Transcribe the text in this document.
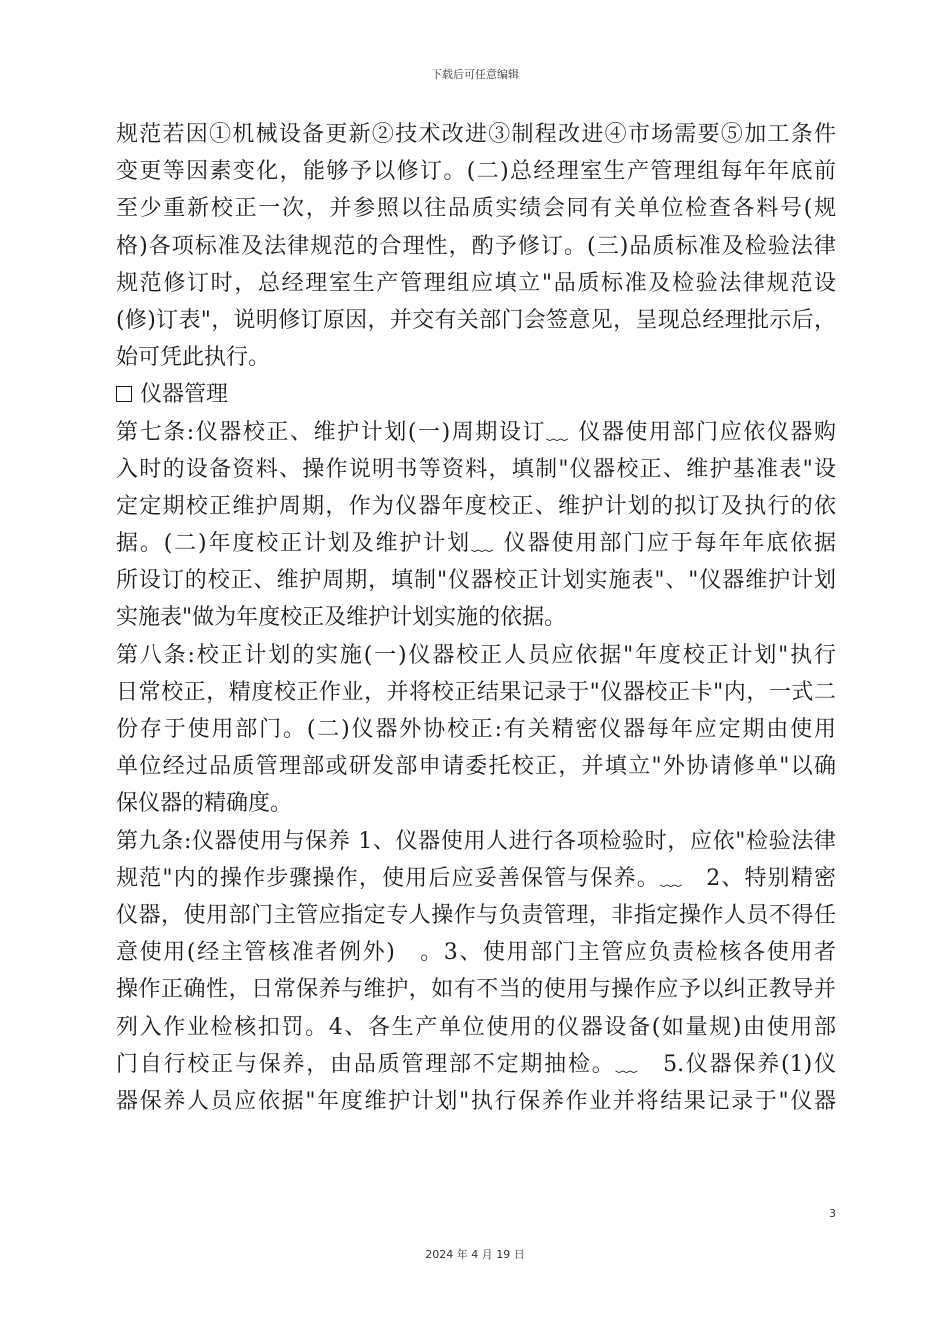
下载后可任意编辑
规范若因①机械设备更新②技术改进③制程改进④市场需要⑤加工条件
变更等因素变化，能够予以修订。(二)总经理室生产管理组每年年底前
至少重新校正一次，并参照以往品质实绩会同有关单位检查各料号(规
格)各项标准及法律规范的合理性，酌予修订。(三)品质标准及检验法律
规范修订时，总经理室生产管理组应填立"品质标准及检验法律规范设
(修)订表"，说明修订原因，并交有关部门会签意见，呈现总经理批示后，
始可凭此执行。
仪器管理
第七条:仪器校正、维护计划(一)周期设订﹏ 仪器使用部门应依仪器购
入时的设备资料、操作说明书等资料，填制"仪器校正、维护基准表"设
定定期校正维护周期，作为仪器年度校正、维护计划的拟订及执行的依
据。(二)年度校正计划及维护计划﹏ 仪器使用部门应于每年年底依据
所设订的校正、维护周期，填制"仪器校正计划实施表"、"仪器维护计划
实施表"做为年度校正及维护计划实施的依据。
第八条:校正计划的实施(一)仪器校正人员应依据"年度校正计划"执行
日常校正，精度校正作业，并将校正结果记录于"仪器校正卡"内，一式二
份存于使用部门。(二)仪器外协校正:有关精密仪器每年应定期由使用
单位经过品质管理部或研发部申请委托校正，并填立"外协请修单"以确
保仪器的精确度。
第九条:仪器使用与保养 1、仪器使用人进行各项检验时，应依"检验法律
规范"内的操作步骤操作，使用后应妥善保管与保养。﹏　2、特别精密
仪器，使用部门主管应指定专人操作与负责管理，非指定操作人员不得任
意使用(经主管核准者例外)　。3、使用部门主管应负责检核各使用者
操作正确性，日常保养与维护，如有不当的使用与操作应予以纠正教导并
列入作业检核扣罚。4、各生产单位使用的仪器设备(如量规)由使用部
门自行校正与保养，由品质管理部不定期抽检。﹏　5.仪器保养(1)仪
器保养人员应依据"年度维护计划"执行保养作业并将结果记录于"仪器
3
2024 年 4 月 19 日
